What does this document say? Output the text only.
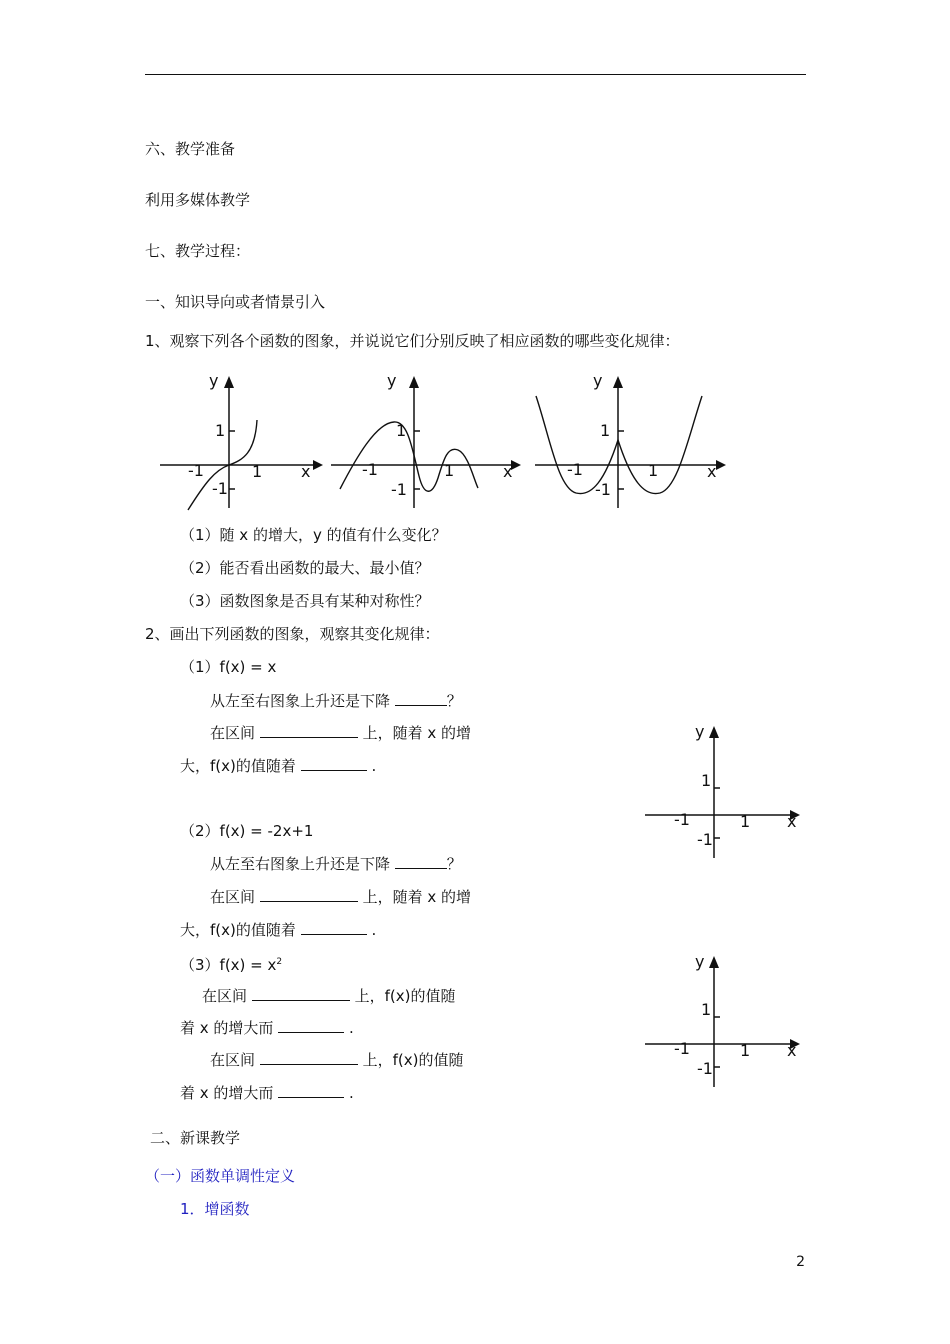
六、教学准备
利用多媒体教学
七、教学过程：
一、知识导向或者情景引入
1、观察下列各个函数的图象，并说说它们分别反映了相应函数的哪些变化规律：
y
x
1
1
-1
-1
y
x
1
1
-1
-1
y
x
1
1
-1
-1
（1）随 x 的增大，y 的值有什么变化？
（2）能否看出函数的最大、最小值？
（3）函数图象是否具有某种对称性？
2、画出下列函数的图象，观察其变化规律：
（1）f(x) = x
从左至右图象上升还是下降	？
在区间	上，随着 x 的增
大，f(x)的值随着	.
（2）f(x) = -2x+1
从左至右图象上升还是下降	？
在区间	上，随着 x 的增
大，f(x)的值随着	.
$(3)f(x) = x^2$
在区间	上，f(x)的值随
着 x 的增大而	.
在区间	上，f(x)的值随
着 x 的增大而	.
y
x
1
1
-1
-1
y
x
1
1
-1
-1
二、新课教学
（一）函数单调性定义
1．增函数
2
